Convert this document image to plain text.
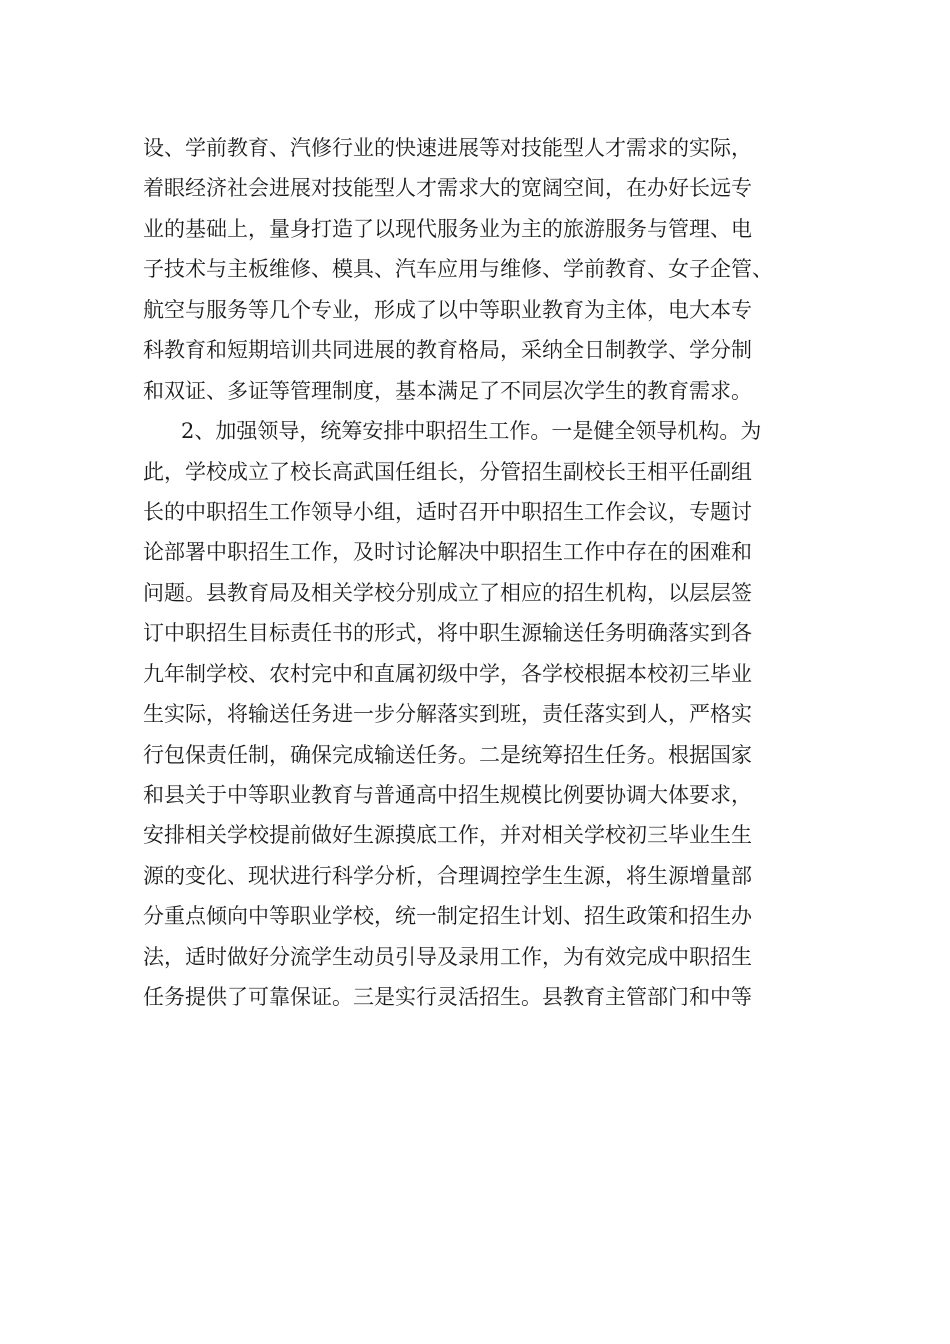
设、学前教育、汽修行业的快速进展等对技能型人才需求的实际，
着眼经济社会进展对技能型人才需求大的宽阔空间，在办好长远专
业的基础上，量身打造了以现代服务业为主的旅游服务与管理、电
子技术与主板维修、模具、汽车应用与维修、学前教育、女子企管、
航空与服务等几个专业，形成了以中等职业教育为主体，电大本专
科教育和短期培训共同进展的教育格局，采纳全日制教学、学分制
和双证、多证等管理制度，基本满足了不同层次学生的教育需求。
2、加强领导，统筹安排中职招生工作。一是健全领导机构。为
此，学校成立了校长高武国任组长，分管招生副校长王相平任副组
长的中职招生工作领导小组，适时召开中职招生工作会议，专题讨
论部署中职招生工作，及时讨论解决中职招生工作中存在的困难和
问题。县教育局及相关学校分别成立了相应的招生机构，以层层签
订中职招生目标责任书的形式，将中职生源输送任务明确落实到各
九年制学校、农村完中和直属初级中学，各学校根据本校初三毕业
生实际，将输送任务进一步分解落实到班，责任落实到人，严格实
行包保责任制，确保完成输送任务。二是统筹招生任务。根据国家
和县关于中等职业教育与普通高中招生规模比例要协调大体要求，
安排相关学校提前做好生源摸底工作，并对相关学校初三毕业生生
源的变化、现状进行科学分析，合理调控学生生源，将生源增量部
分重点倾向中等职业学校，统一制定招生计划、招生政策和招生办
法，适时做好分流学生动员引导及录用工作，为有效完成中职招生
任务提供了可靠保证。三是实行灵活招生。县教育主管部门和中等
